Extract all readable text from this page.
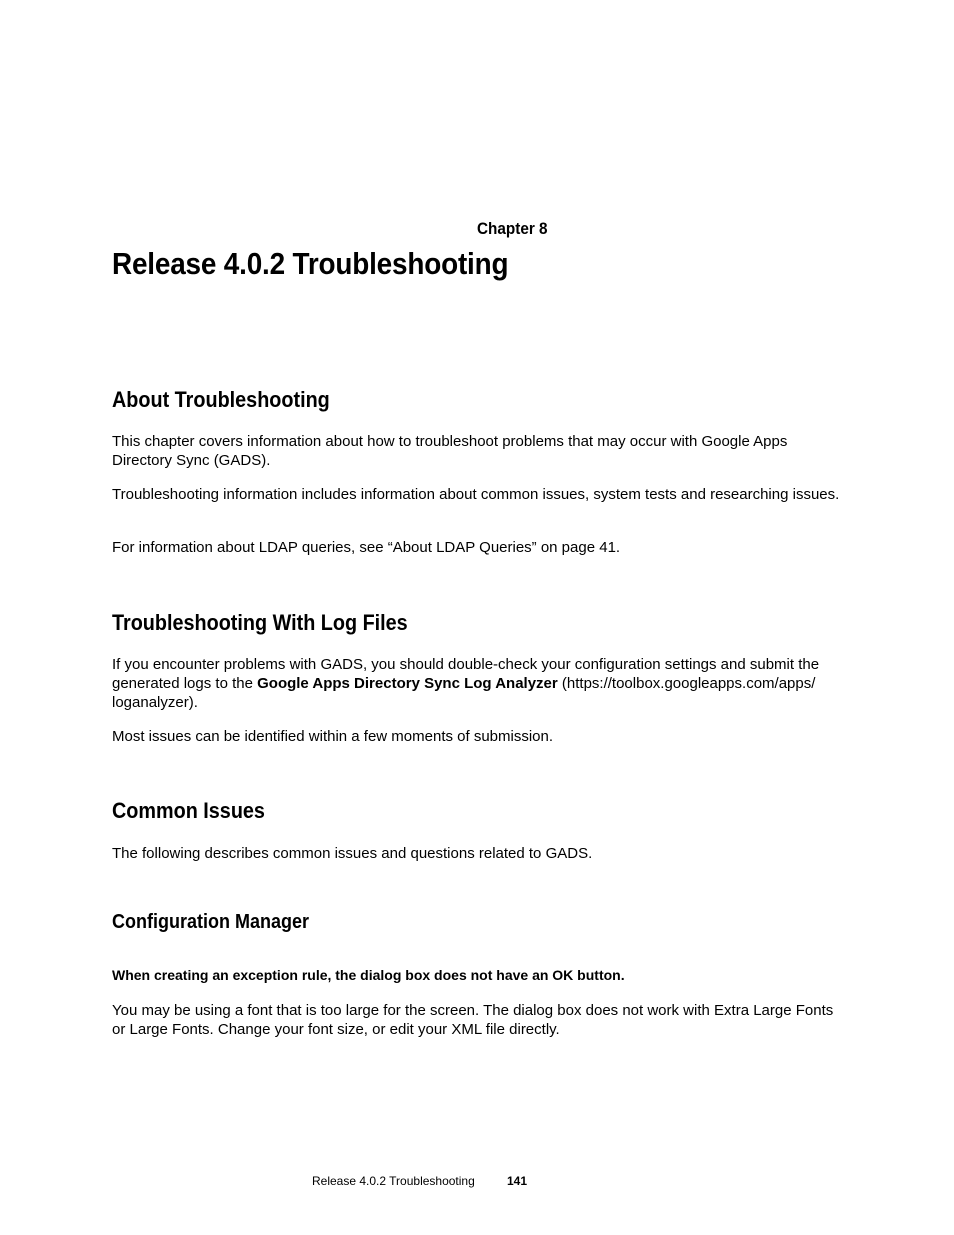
Chapter 8
Release 4.0.2 Troubleshooting
About Troubleshooting

This chapter covers information about how to troubleshoot problems that may occur with Google Apps Directory Sync (GADS).

Troubleshooting information includes information about common issues, system tests and researching issues.

For information about LDAP queries, see “About LDAP Queries” on page 41.

Troubleshooting With Log Files

If you encounter problems with GADS, you should double-check your configuration settings and submit the generated logs to the Google Apps Directory Sync Log Analyzer (https://toolbox.googleapps.com/apps/ loganalyzer).

Most issues can be identified within a few moments of submission.

Common Issues

The following describes common issues and questions related to GADS.

Configuration Manager

When creating an exception rule, the dialog box does not have an OK button.

You may be using a font that is too large for the screen. The dialog box does not work with Extra Large Fonts or Large Fonts. Change your font size, or edit your XML file directly.

Release 4.0.2 Troubleshooting	141
